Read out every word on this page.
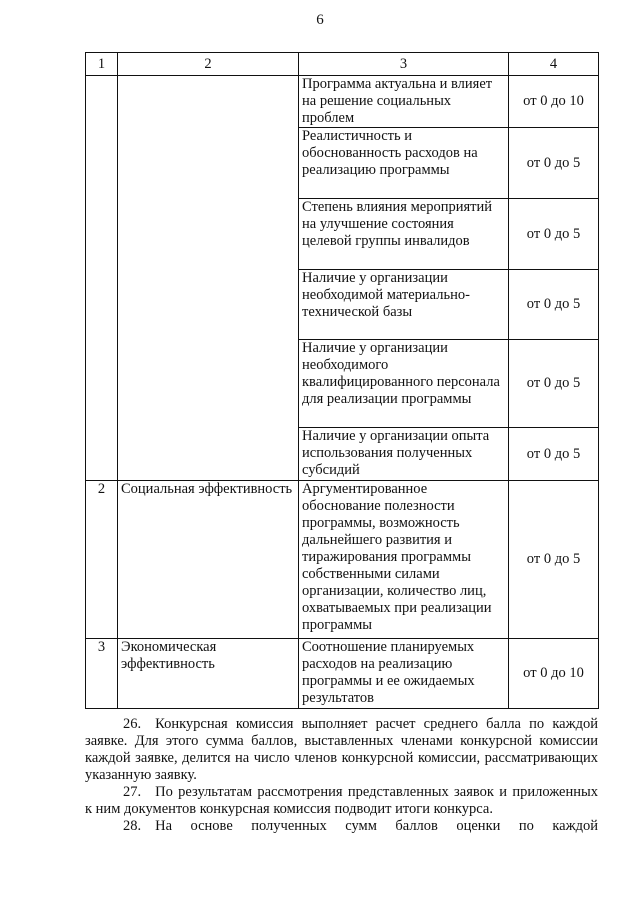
6
1	2	3	4
		Программа актуальна и влияет на решение социальных проблем	от 0 до 10
		Реалистичность и обоснованность расходов на реализацию программы	от 0 до 5
		Степень влияния мероприятий на улучшение состояния целевой группы инвалидов	от 0 до 5
		Наличие у организации необходимой материально-технической базы	от 0 до 5
		Наличие у организации необходимого квалифицированного персонала для реализации программы	от 0 до 5
		Наличие у организации опыта использования полученных субсидий	от 0 до 5
2	Социальная эффективность	Аргументированное обоснование полезности программы, возможность дальнейшего развития и тиражирования программы собственными силами организации, количество лиц, охватываемых при реализации программы	от 0 до 5
3	Экономическая эффективность	Соотношение планируемых расходов на реализацию программы и ее ожидаемых результатов	от 0 до 10

26. Конкурсная комиссия выполняет расчет среднего балла по каждой заявке. Для этого сумма баллов, выставленных членами конкурсной комиссии каждой заявке, делится на число членов конкурсной комиссии, рассматривающих указанную заявку.

27. По результатам рассмотрения представленных заявок и приложенных к ним документов конкурсная комиссия подводит итоги конкурса.

28. На основе полученных сумм баллов оценки по каждой
